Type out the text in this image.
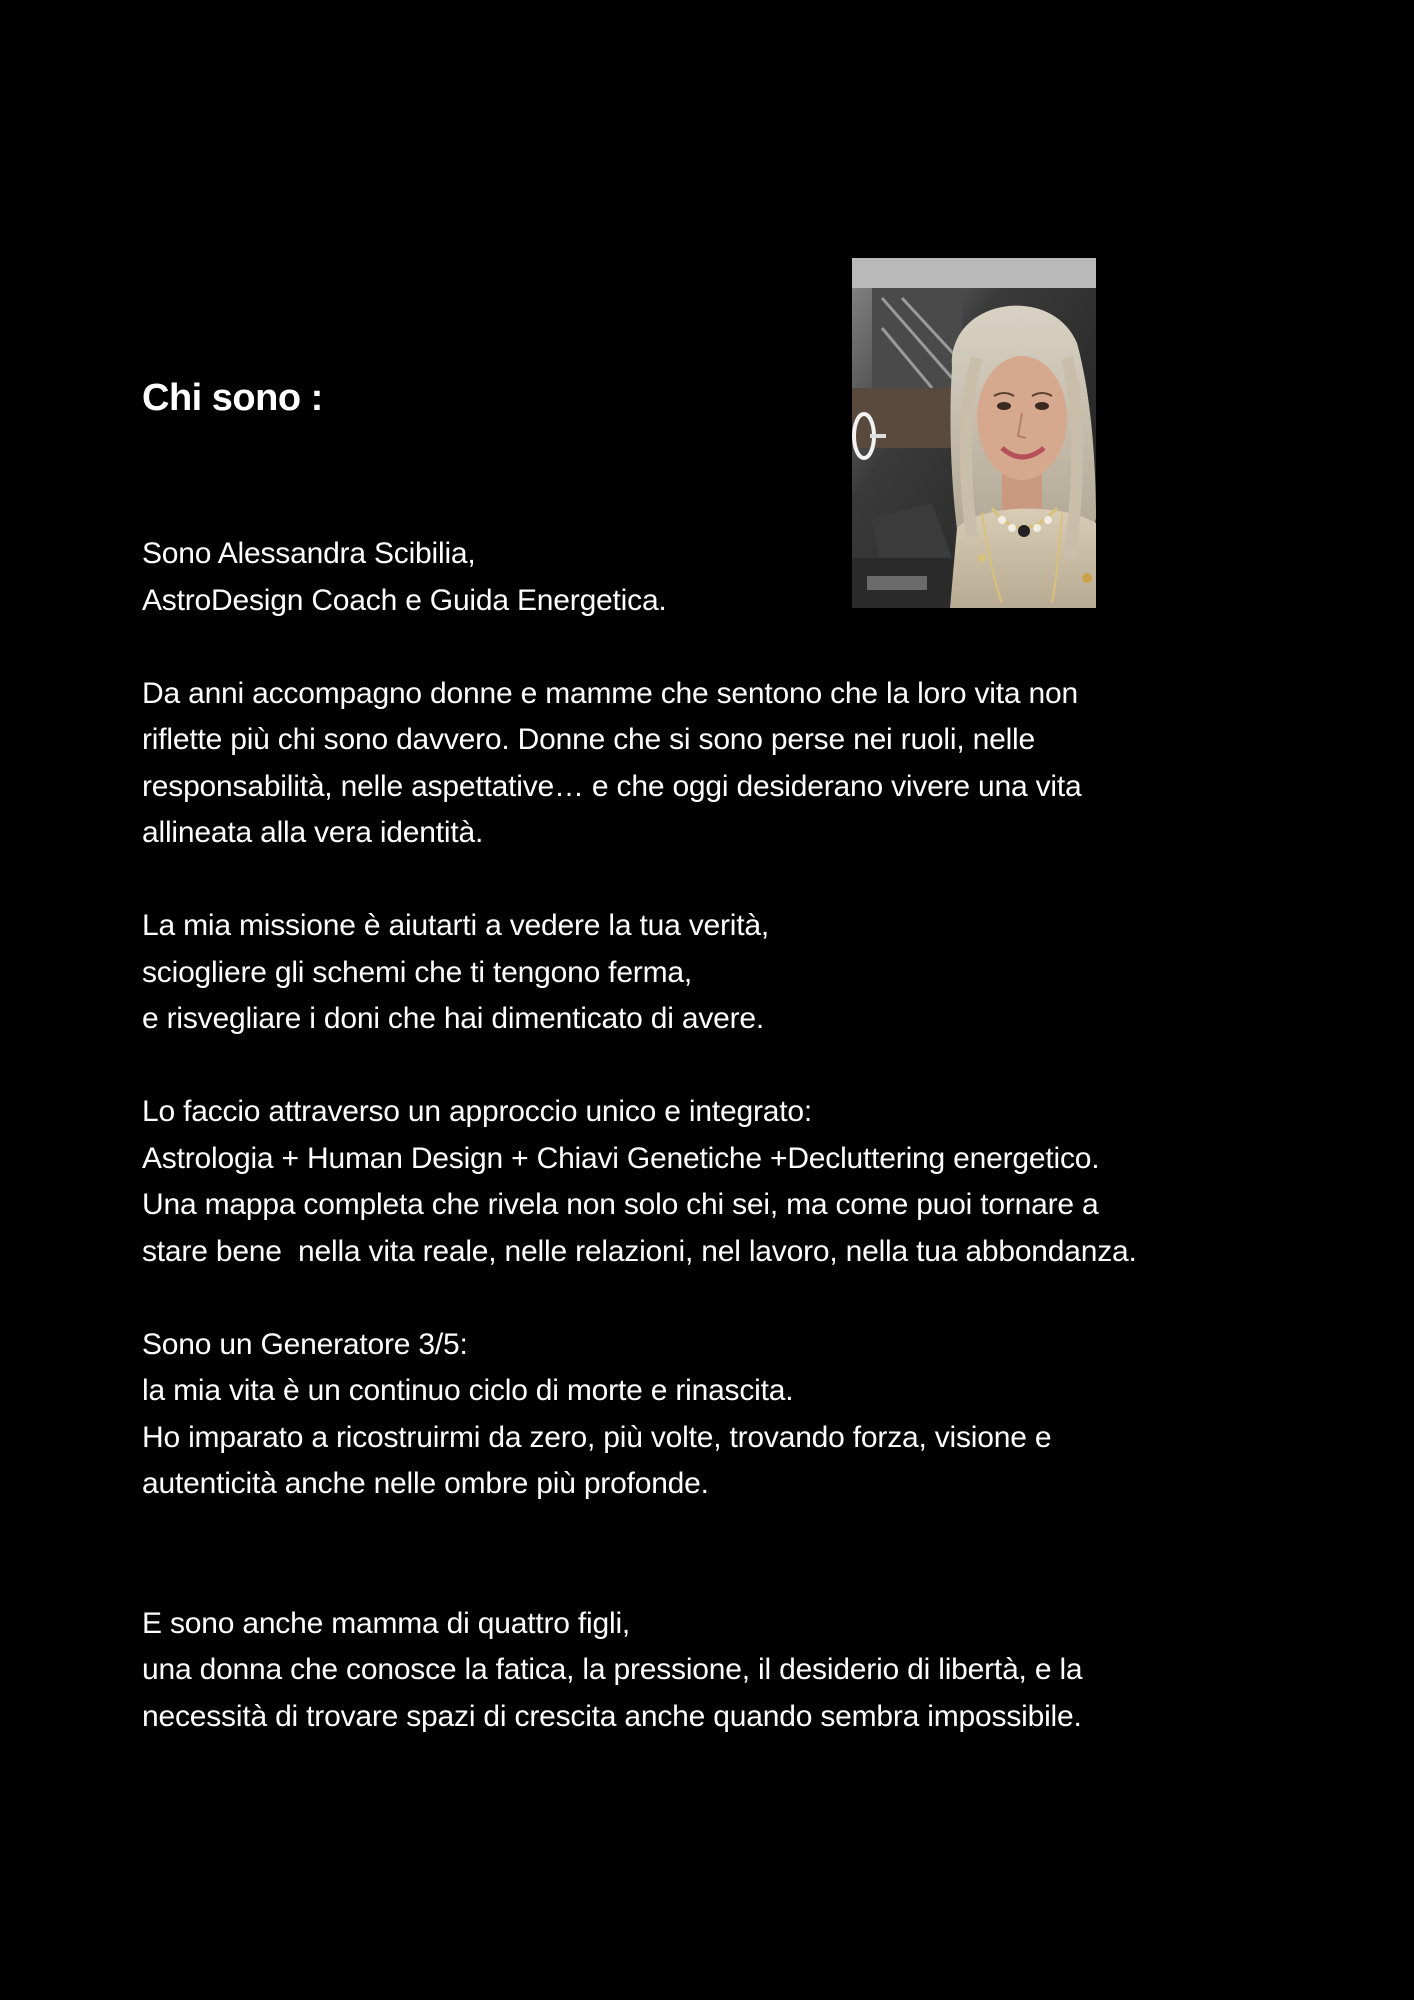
Chi sono :
Sono Alessandra Scibilia,
AstroDesign Coach e Guida Energetica.
Da anni accompagno donne e mamme che sentono che la loro vita non
riflette più chi sono davvero. Donne che si sono perse nei ruoli, nelle
responsabilità, nelle aspettative… e che oggi desiderano vivere una vita
allineata alla vera identità.
La mia missione è aiutarti a vedere la tua verità,
sciogliere gli schemi che ti tengono ferma,
e risvegliare i doni che hai dimenticato di avere.
Lo faccio attraverso un approccio unico e integrato:
Astrologia + Human Design + Chiavi Genetiche +Decluttering energetico.
Una mappa completa che rivela non solo chi sei, ma come puoi tornare a
stare bene  nella vita reale, nelle relazioni, nel lavoro, nella tua abbondanza.
Sono un Generatore 3/5:
la mia vita è un continuo ciclo di morte e rinascita.
Ho imparato a ricostruirmi da zero, più volte, trovando forza, visione e
autenticità anche nelle ombre più profonde.
E sono anche mamma di quattro figli,
una donna che conosce la fatica, la pressione, il desiderio di libertà, e la
necessità di trovare spazi di crescita anche quando sembra impossibile.
